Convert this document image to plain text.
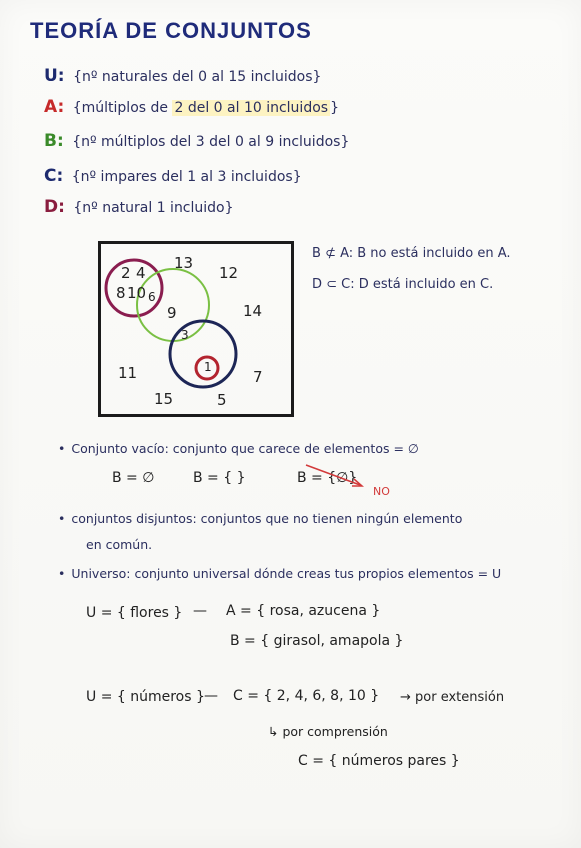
TEORÍA DE CONJUNTOS
U: {nº naturales del 0 al 15 incluidos}
A: {múltiplos de 2 del 0 al 10 incluidos }
B: {nº múltiplos del 3 del 0 al 9 incluidos}
C: {nº impares del 1 al 3 incluidos}
D: {nº natural 1 incluido}
2 4
8 10 6
13
12
9	14
3
1
11	7
15	5
B ⊄ A: B no está incluido en A.
D ⊂ C: D está incluido en C.
• Conjunto vacío: conjunto que carece de elementos = ∅
B = ∅	B = { }	B = {∅}
NO
• conjuntos disjuntos: conjuntos que no tienen ningún elemento
en común.
• Universo: conjunto universal dónde creas tus propios elementos = U
U = { flores } — A = { rosa, azucena }
B = { girasol, amapola }
U = { números } — C = { 2, 4, 6, 8, 10 } → por extensión
↳ por comprensión
C = { números pares }
